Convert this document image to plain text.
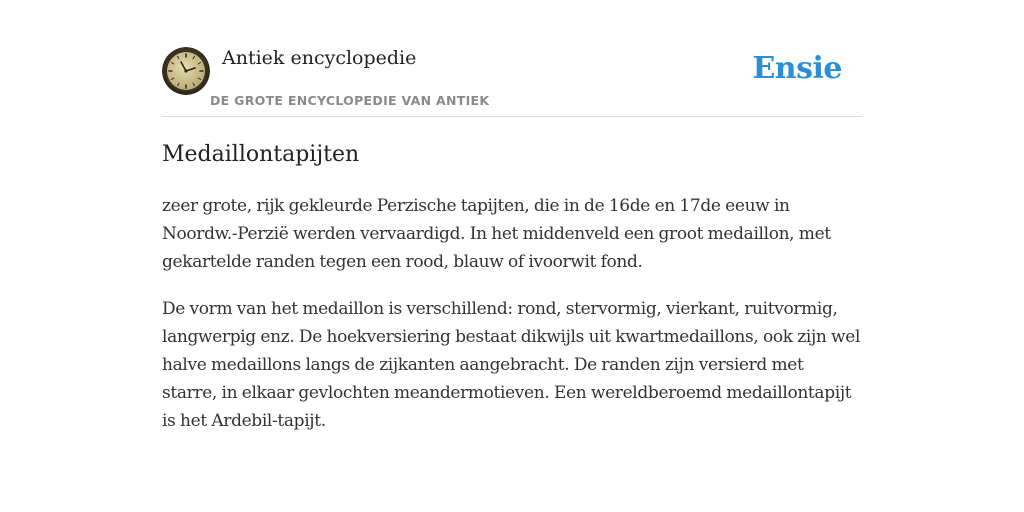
Antiek encyclopedie
DE GROTE ENCYCLOPEDIE VAN ANTIEK
Ensie
Medaillontapijten

zeer grote, rijk gekleurde Perzische tapijten, die in de 16de en 17de eeuw in Noordw.-Perzië werden vervaardigd. In het middenveld een groot medaillon, met gekartelde randen tegen een rood, blauw of ivoorwit fond.

De vorm van het medaillon is verschillend: rond, stervormig, vierkant, ruitvormig, langwerpig enz. De hoekversiering bestaat dikwijls uit kwartmedaillons, ook zijn wel halve medaillons langs de zijkanten aangebracht. De randen zijn versierd met starre, in elkaar gevlochten meandermotieven. Een wereldberoemd medaillontapijt is het Ardebil-tapijt.
